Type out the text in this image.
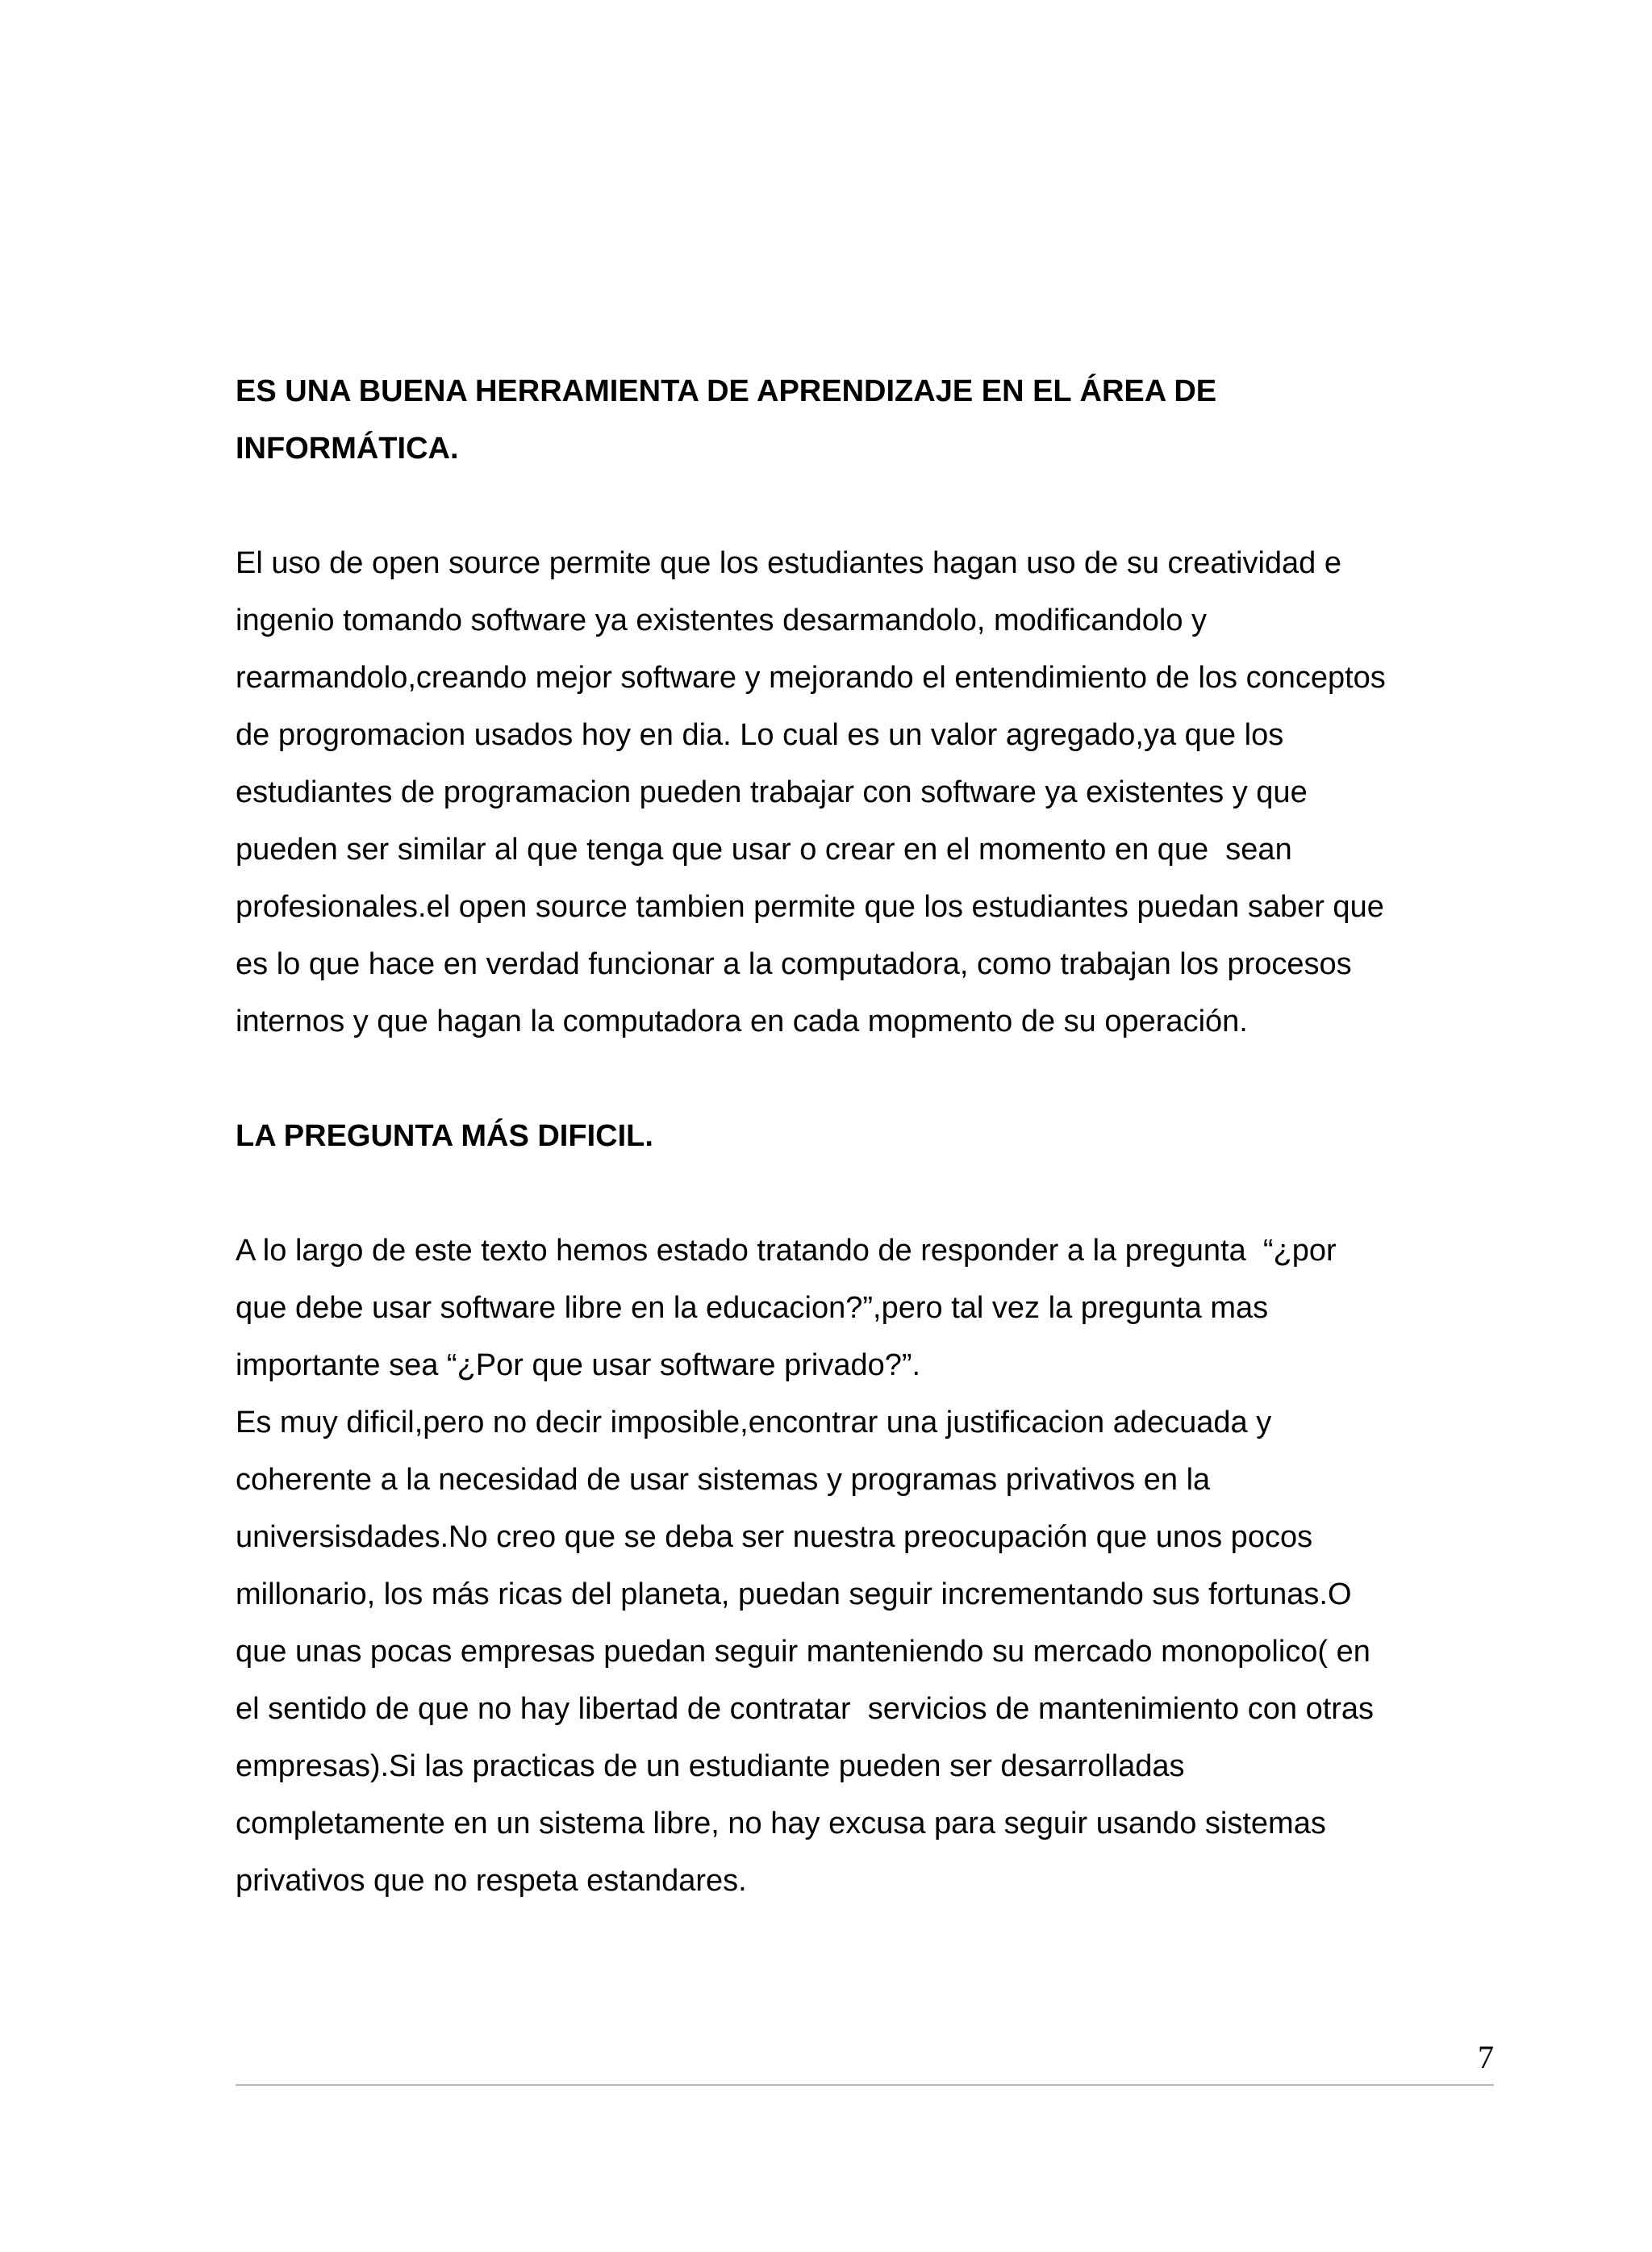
ES UNA BUENA HERRAMIENTA DE APRENDIZAJE EN EL ÁREA DE
INFORMÁTICA.
El uso de open source permite que los estudiantes hagan uso de su creatividad e
ingenio tomando software ya existentes desarmandolo, modificandolo y
rearmandolo,creando mejor software y mejorando el entendimiento de los conceptos
de progromacion usados hoy en dia. Lo cual es un valor agregado,ya que los
estudiantes de programacion pueden trabajar con software ya existentes y que
pueden ser similar al que tenga que usar o crear en el momento en que  sean
profesionales.el open source tambien permite que los estudiantes puedan saber que
es lo que hace en verdad funcionar a la computadora, como trabajan los procesos
internos y que hagan la computadora en cada mopmento de su operación.
LA PREGUNTA MÁS DIFICIL.
A lo largo de este texto hemos estado tratando de responder a la pregunta  “¿por
que debe usar software libre en la educacion?”,pero tal vez la pregunta mas
importante sea “¿Por que usar software privado?”.
Es muy dificil,pero no decir imposible,encontrar una justificacion adecuada y
coherente a la necesidad de usar sistemas y programas privativos en la
universisdades.No creo que se deba ser nuestra preocupación que unos pocos
millonario, los más ricas del planeta, puedan seguir incrementando sus fortunas.O
que unas pocas empresas puedan seguir manteniendo su mercado monopolico( en
el sentido de que no hay libertad de contratar  servicios de mantenimiento con otras
empresas).Si las practicas de un estudiante pueden ser desarrolladas
completamente en un sistema libre, no hay excusa para seguir usando sistemas
privativos que no respeta estandares.
7
